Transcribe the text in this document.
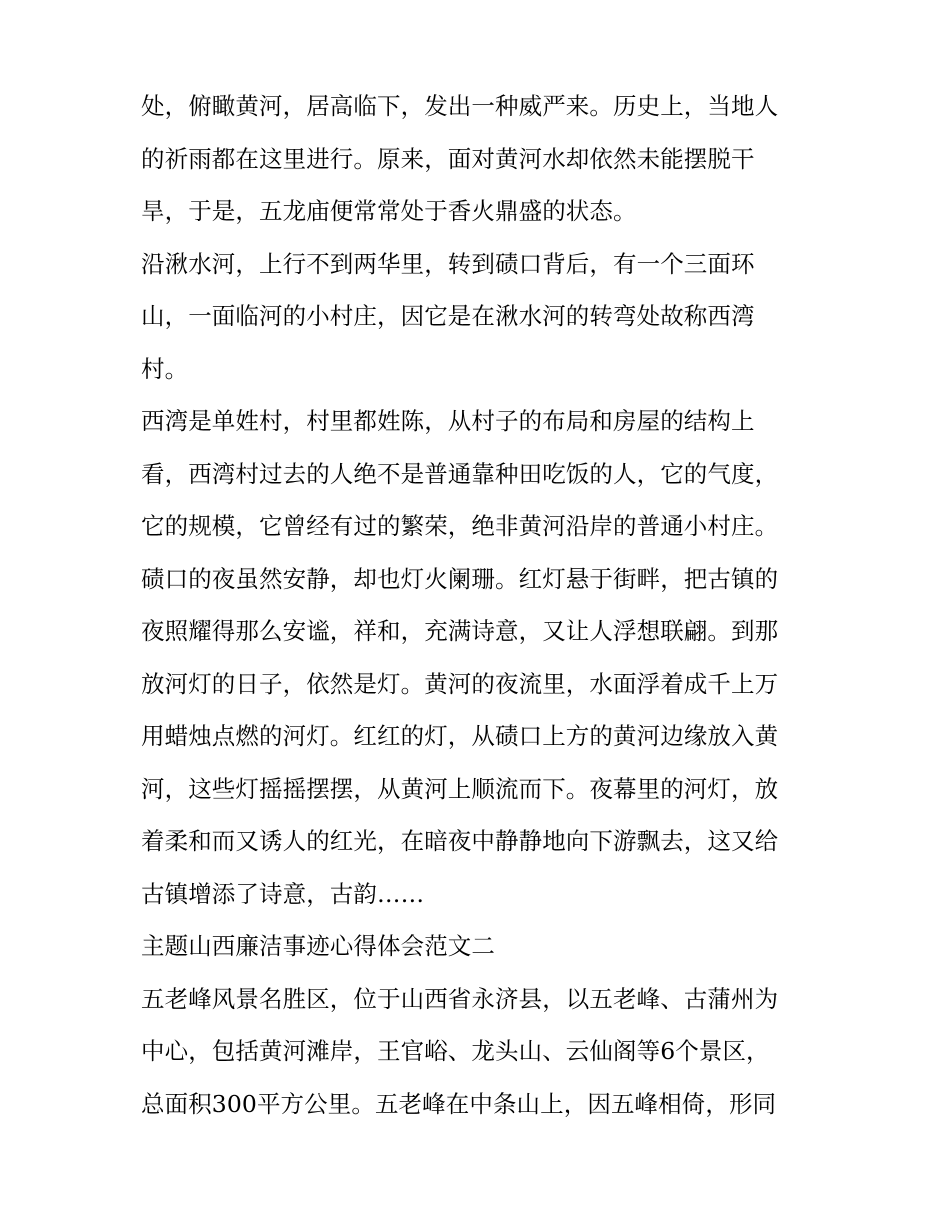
处，俯瞰黄河，居高临下，发出一种威严来。历史上，当地人
的祈雨都在这里进行。原来，面对黄河水却依然未能摆脱干
旱，于是，五龙庙便常常处于香火鼎盛的状态。
沿湫水河，上行不到两华里，转到碛口背后，有一个三面环
山，一面临河的小村庄，因它是在湫水河的转弯处故称西湾
村。
西湾是单姓村，村里都姓陈，从村子的布局和房屋的结构上
看，西湾村过去的人绝不是普通靠种田吃饭的人，它的气度，
它的规模，它曾经有过的繁荣，绝非黄河沿岸的普通小村庄。
碛口的夜虽然安静，却也灯火阑珊。红灯悬于街畔，把古镇的
夜照耀得那么安谧，祥和，充满诗意，又让人浮想联翩。到那
放河灯的日子，依然是灯。黄河的夜流里，水面浮着成千上万
用蜡烛点燃的河灯。红红的灯，从碛口上方的黄河边缘放入黄
河，这些灯摇摇摆摆，从黄河上顺流而下。夜幕里的河灯，放
着柔和而又诱人的红光，在暗夜中静静地向下游飘去，这又给
古镇增添了诗意，古韵……
主题山西廉洁事迹心得体会范文二
五老峰风景名胜区，位于山西省永济县，以五老峰、古蒲州为
中心，包括黄河滩岸，王官峪、龙头山、云仙阁等6个景区，
总面积300平方公里。五老峰在中条山上，因五峰相倚，形同
